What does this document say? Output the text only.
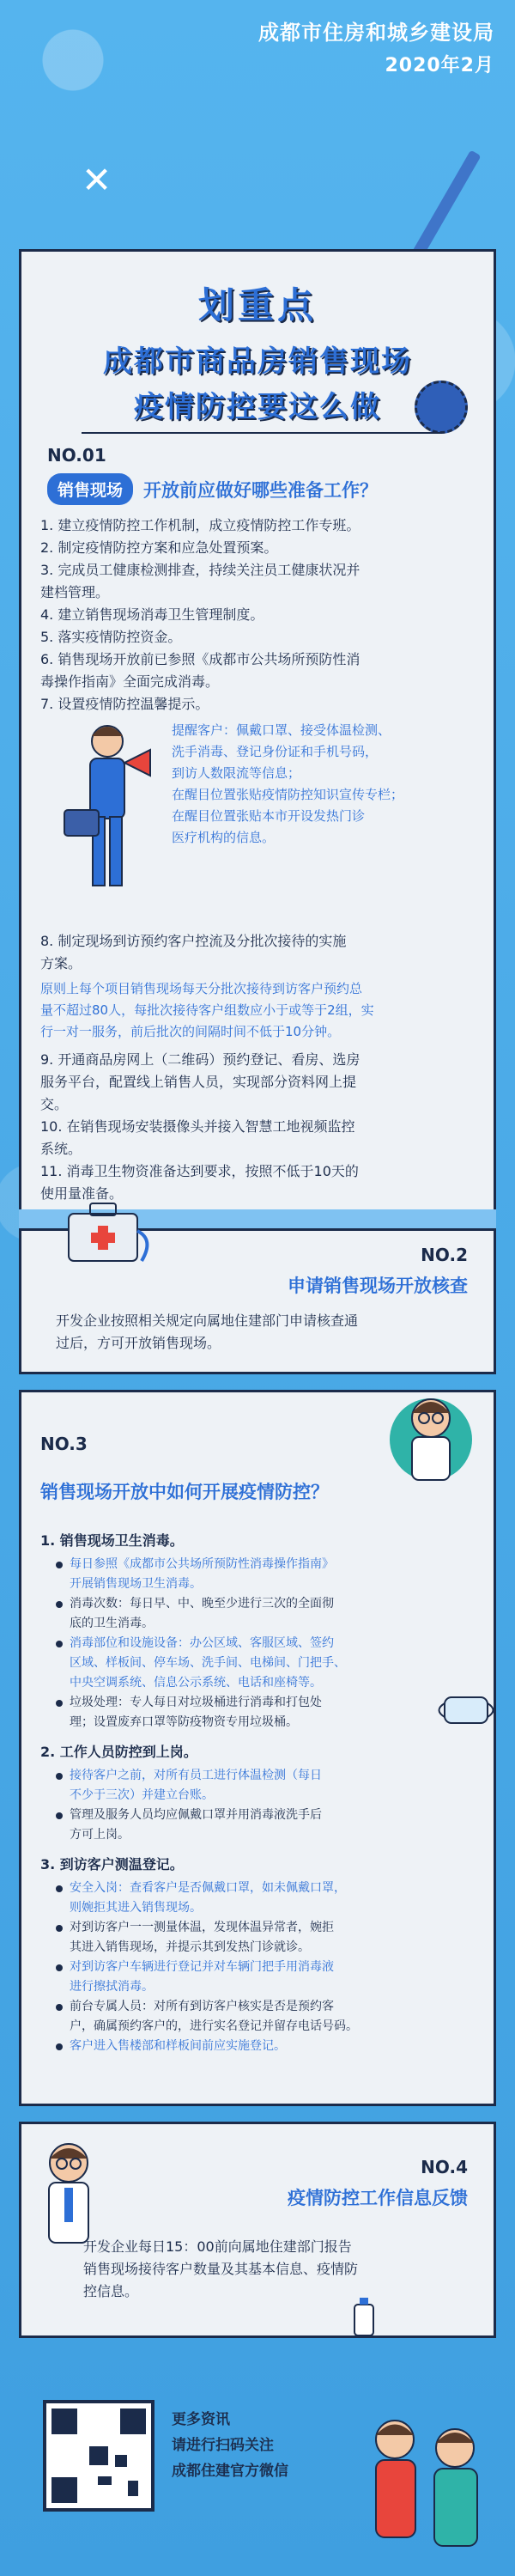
成都市住房和城乡建设局
2020年2月
✕
划重点
成都市商品房销售现场
疫情防控要这么做
NO.01
销售现场	开放前应做好哪些准备工作？
1. 建立疫情防控工作机制，成立疫情防控工作专班。
2. 制定疫情防控方案和应急处置预案。
3. 完成员工健康检测排查，持续关注员工健康状况并
建档管理。
4. 建立销售现场消毒卫生管理制度。
5. 落实疫情防控资金。
6. 销售现场开放前已参照《成都市公共场所预防性消
毒操作指南》全面完成消毒。
7. 设置疫情防控温馨提示。
提醒客户：佩戴口罩、接受体温检测、
洗手消毒、登记身份证和手机号码，
到访人数限流等信息；
在醒目位置张贴疫情防控知识宣传专栏；
在醒目位置张贴本市开设发热门诊
医疗机构的信息。
8. 制定现场到访预约客户控流及分批次接待的实施
方案。
原则上每个项目销售现场每天分批次接待到访客户预约总
量不超过80人，每批次接待客户组数应小于或等于2组，实
行一对一服务，前后批次的间隔时间不低于10分钟。
9. 开通商品房网上（二维码）预约登记、看房、选房
服务平台，配置线上销售人员，实现部分资料网上提
交。
10. 在销售现场安装摄像头并接入智慧工地视频监控
系统。
11. 消毒卫生物资准备达到要求，按照不低于10天的
使用量准备。
NO.2
申请销售现场开放核查
开发企业按照相关规定向属地住建部门申请核查通
过后，方可开放销售现场。
NO.3
销售现场开放中如何开展疫情防控？
1. 销售现场卫生消毒。
每日参照《成都市公共场所预防性消毒操作指南》
开展销售现场卫生消毒。
消毒次数：每日早、中、晚至少进行三次的全面彻
底的卫生消毒。
消毒部位和设施设备：办公区域、客服区域、签约
区域、样板间、停车场、洗手间、电梯间、门把手、
中央空调系统、信息公示系统、电话和座椅等。
垃圾处理：专人每日对垃圾桶进行消毒和打包处
理；设置废弃口罩等防疫物资专用垃圾桶。
2. 工作人员防控到上岗。
接待客户之前，对所有员工进行体温检测（每日
不少于三次）并建立台账。
管理及服务人员均应佩戴口罩并用消毒液洗手后
方可上岗。
3. 到访客户测温登记。
安全入岗：查看客户是否佩戴口罩，如未佩戴口罩，
则婉拒其进入销售现场。
对到访客户一一测量体温，发现体温异常者，婉拒
其进入销售现场，并提示其到发热门诊就诊。
对到访客户车辆进行登记并对车辆门把手用消毒液
进行擦拭消毒。
前台专属人员：对所有到访客户核实是否是预约客
户，确属预约客户的，进行实名登记并留存电话号码。
客户进入售楼部和样板间前应实施登记。
NO.4
疫情防控工作信息反馈
开发企业每日15：00前向属地住建部门报告
销售现场接待客户数量及其基本信息、疫情防
控信息。
更多资讯
请进行扫码关注
成都住建官方微信
